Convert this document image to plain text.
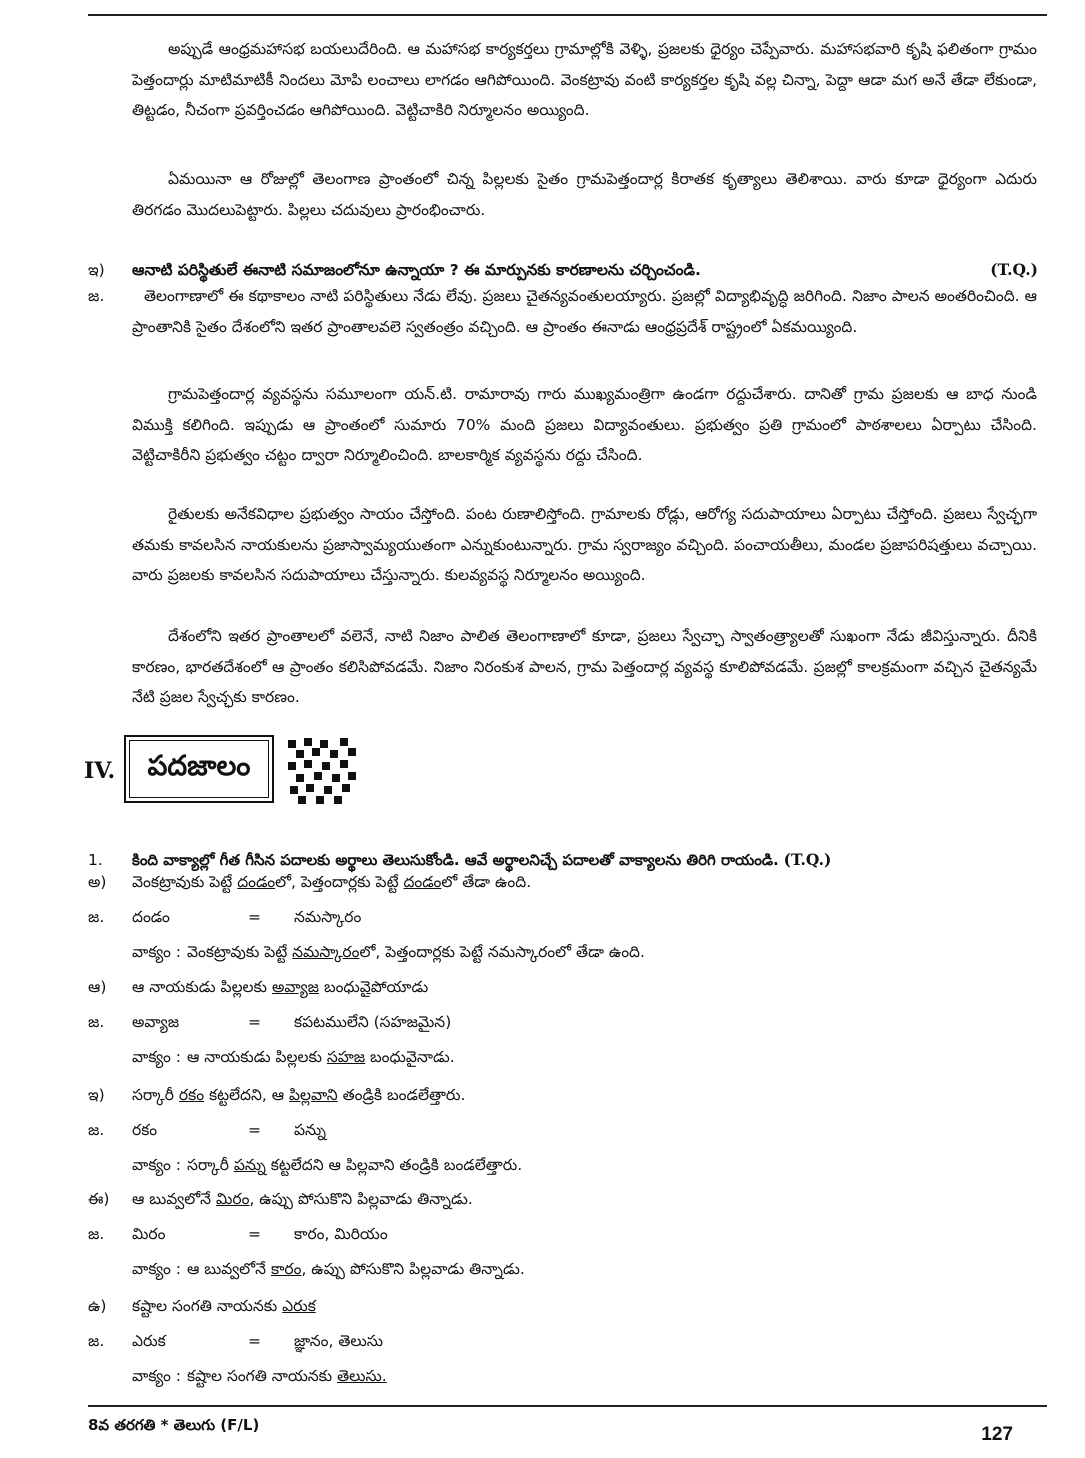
అప్పుడే ఆంధ్రమహాసభ బయలుదేరింది. ఆ మహాసభ కార్యకర్తలు గ్రామాల్లోకి వెళ్ళి, ప్రజలకు ధైర్యం చెప్పేవారు. మహాసభవారి కృషి ఫలితంగా గ్రామం పెత్తందార్లు మాటిమాటికీ నిందలు మోపి లంచాలు లాగడం ఆగిపోయింది. వెంకట్రావు వంటి కార్యకర్తల కృషి వల్ల చిన్నా, పెద్దా ఆడా మగ అనే తేడా లేకుండా, తిట్టడం, నీచంగా ప్రవర్తించడం ఆగిపోయింది. వెట్టిచాకిరి నిర్మూలనం అయ్యింది.

ఏమయినా ఆ రోజుల్లో తెలంగాణ ప్రాంతంలో చిన్న పిల్లలకు సైతం గ్రామపెత్తందార్ల కిరాతక కృత్యాలు తెలిశాయి. వారు కూడా ధైర్యంగా ఎదురు తిరగడం మొదలుపెట్టారు. పిల్లలు చదువులు ప్రారంభించారు.

ఇ) ఆనాటి పరిస్థితులే ఈనాటి సమాజంలోనూ ఉన్నాయా ? ఈ మార్పునకు కారణాలను చర్చించండి.	(T.Q.)
జ.	తెలంగాణాలో ఈ కథాకాలం నాటి పరిస్థితులు నేడు లేవు. ప్రజలు చైతన్యవంతులయ్యారు. ప్రజల్లో విద్యాభివృద్ధి జరిగింది. నిజాం పాలన అంతరించింది. ఆ ప్రాంతానికి సైతం దేశంలోని ఇతర ప్రాంతాలవలె స్వతంత్రం వచ్చింది. ఆ ప్రాంతం ఈనాడు ఆంధ్రప్రదేశ్ రాష్ట్రంలో ఏకమయ్యింది.

గ్రామపెత్తందార్ల వ్యవస్థను సమూలంగా యన్.టి. రామారావు గారు ముఖ్యమంత్రిగా ఉండగా రద్దుచేశారు. దానితో గ్రామ ప్రజలకు ఆ బాధ నుండి విముక్తి కలిగింది. ఇప్పుడు ఆ ప్రాంతంలో సుమారు 70% మంది ప్రజలు విద్యావంతులు. ప్రభుత్వం ప్రతి గ్రామంలో పాఠశాలలు ఏర్పాటు చేసింది. వెట్టిచాకిరీని ప్రభుత్వం చట్టం ద్వారా నిర్మూలించింది. బాలకార్మిక వ్యవస్థను రద్దు చేసింది.

రైతులకు అనేకవిధాల ప్రభుత్వం సాయం చేస్తోంది. పంట రుణాలిస్తోంది. గ్రామాలకు రోడ్లు, ఆరోగ్య సదుపాయాలు ఏర్పాటు చేస్తోంది. ప్రజలు స్వేచ్ఛగా తమకు కావలసిన నాయకులను ప్రజాస్వామ్యయుతంగా ఎన్నుకుంటున్నారు. గ్రామ స్వరాజ్యం వచ్చింది. పంచాయతీలు, మండల ప్రజాపరిషత్తులు వచ్చాయి. వారు ప్రజలకు కావలసిన సదుపాయాలు చేస్తున్నారు. కులవ్యవస్థ నిర్మూలనం అయ్యింది.

దేశంలోని ఇతర ప్రాంతాలలో వలెనే, నాటి నిజాం పాలిత తెలంగాణాలో కూడా, ప్రజలు స్వేచ్ఛా స్వాతంత్ర్యాలతో సుఖంగా నేడు జీవిస్తున్నారు. దీనికి కారణం, భారతదేశంలో ఆ ప్రాంతం కలిసిపోవడమే. నిజాం నిరంకుశ పాలన, గ్రామ పెత్తందార్ల వ్యవస్థ కూలిపోవడమే. ప్రజల్లో కాలక్రమంగా వచ్చిన చైతన్యమే నేటి ప్రజల స్వేచ్ఛకు కారణం.

IV. పదజాలం
1. కింది వాక్యాల్లో గీత గీసిన పదాలకు అర్థాలు తెలుసుకోండి. ఆవే అర్థాలనిచ్చే పదాలతో వాక్యాలను తిరిగి రాయండి. (T.Q.)
అ) వెంకట్రావుకు పెట్టే దండంలో, పెత్తందార్లకు పెట్టే దండంలో తేడా ఉంది.
జ. దండం	= నమస్కారం
వాక్యం : వెంకట్రావుకు పెట్టే నమస్కారంలో, పెత్తందార్లకు పెట్టే నమస్కారంలో తేడా ఉంది.
ఆ) ఆ నాయకుడు పిల్లలకు అవ్యాజ బంధువైపోయాడు
జ. అవ్యాజ	= కపటములేని (సహజమైన)
వాక్యం : ఆ నాయకుడు పిల్లలకు సహజ బంధువైనాడు.
ఇ) సర్కారీ రకం కట్టలేదని, ఆ పిల్లవాని తండ్రికి బండలేత్తారు.
జ. రకం	= పన్ను
వాక్యం : సర్కారీ పన్ను కట్టలేదని ఆ పిల్లవాని తండ్రికి బండలేత్తారు.
ఈ) ఆ బువ్వలోనే మిరం, ఉప్పు పోసుకొని పిల్లవాడు తిన్నాడు.
జ. మిరం	= కారం, మిరియం
వాక్యం : ఆ బువ్వలోనే కారం, ఉప్పు పోసుకొని పిల్లవాడు తిన్నాడు.
ఉ) కష్టాల సంగతి నాయనకు ఎరుక
జ. ఎరుక	= జ్ఞానం, తెలుసు
వాక్యం : కష్టాల సంగతి నాయనకు తెలుసు.
8వ తరగతి * తెలుగు (F/L)	127
